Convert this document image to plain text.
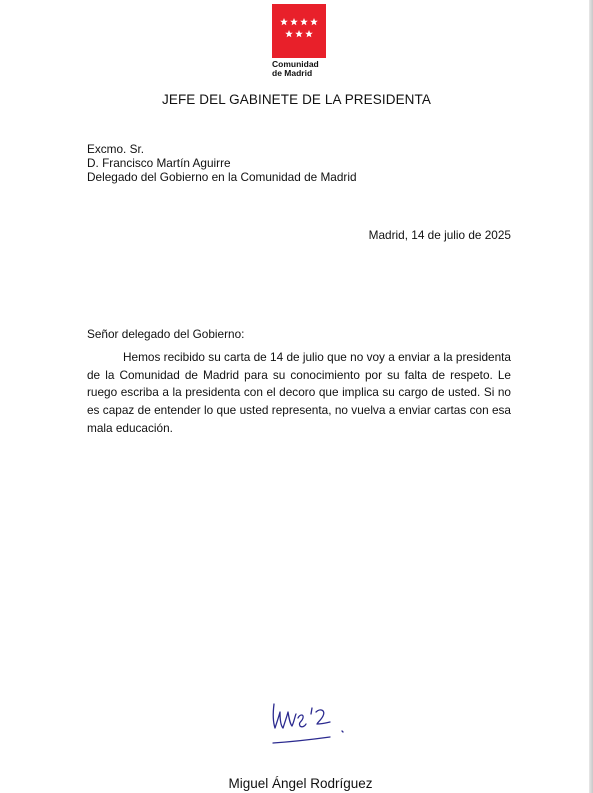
Comunidad
de Madrid
JEFE DEL GABINETE DE LA PRESIDENTA
Excmo. Sr.
D. Francisco Martín Aguirre
Delegado del Gobierno en la Comunidad de Madrid
Madrid, 14 de julio de 2025
Señor delegado del Gobierno:
Hemos recibido su carta de 14 de julio que no voy a enviar a la presidenta de la Comunidad de Madrid para su conocimiento por su falta de respeto. Le ruego escriba a la presidenta con el decoro que implica su cargo de usted. Si no es capaz de entender lo que usted representa, no vuelva a enviar cartas con esa mala educación.
Miguel Ángel Rodríguez
